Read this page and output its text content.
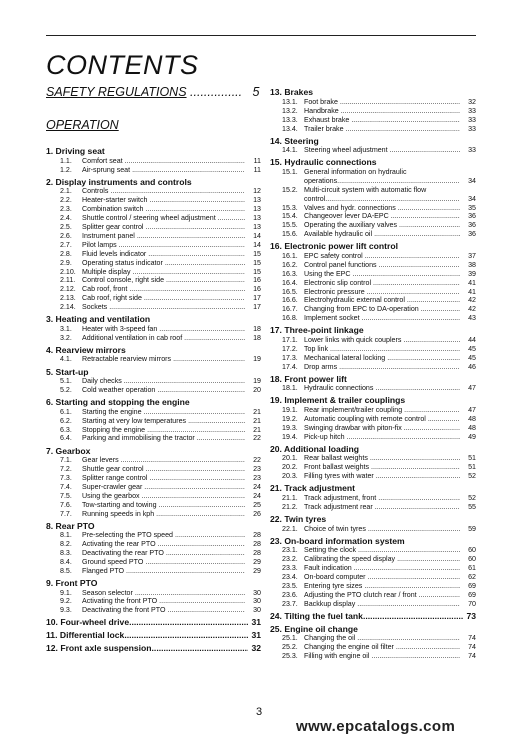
CONTENTS
SAFETY REGULATIONS ............... 5
OPERATION
1. Driving seat
1.1.	Comfort seat .....	11
1.2.	Air-sprung seat .....	11
2. Display instruments and controls
2.1.	Controls .....	12
2.2.	Heater-starter switch .....	13
2.3.	Combination switch .....	13
2.4.	Shuttle control / steering wheel adjustment .....	13
2.5.	Splitter gear control .....	13
2.6.	Instrument panel .....	14
2.7.	Pilot lamps .....	14
2.8.	Fluid levels indicator .....	15
2.9.	Operating status indicator .....	15
2.10. Multiple display .....	15
2.11. Control console, right side .....	16
2.12. Cab roof, front .....	16
2.13. Cab roof, right side .....	17
2.14. Sockets .....	17
3. Heating and ventilation
3.1.	Heater with 3-speed fan .....	18
3.2.	Additional ventilation in cab roof .....	18
4. Rearview mirrors
4.1.	Retractable rearview mirrors .....	19
5. Start-up
5.1.	Daily checks .....	19
5.2.	Cold weather operation .....	20
6. Starting and stopping the engine
6.1.	Starting the engine .....	21
6.2.	Starting at very low temperatures .....	21
6.3.	Stopping the engine .....	21
6.4.	Parking and immobilising the tractor .....	22
7. Gearbox
7.1.	Gear levers .....	22
7.2.	Shuttle gear control .....	23
7.3.	Splitter range control .....	23
7.4.	Super-crawler gear .....	24
7.5.	Using the gearbox .....	24
7.6.	Tow-starting and towing .....	25
7.7.	Running speeds in kph .....	26
8. Rear PTO
8.1.	Pre-selecting the PTO speed .....	28
8.2.	Activating the rear PTO .....	28
8.3.	Deactivating the rear PTO .....	28
8.4.	Ground speed PTO .....	29
8.5.	Flanged PTO .....	29
9. Front PTO
9.1.	Season selector .....	30
9.2.	Activating the front PTO .....	30
9.3.	Deactivating the front PTO .....	30
10. Four-wheel drive .....	31
11. Differential lock .....	31
12. Front axle suspension .....	32
13. Brakes
13.1. Foot brake .....	32
13.2. Handbrake .....	33
13.3. Exhaust brake .....	33
13.4. Trailer brake .....	33
14. Steering
14.1. Steering wheel adjustment .....	33
15. Hydraulic connections
15.1. General information on hydraulic
operations .....	34
15.2. Multi-circuit system with automatic flow
control .....	34
15.3. Valves and hydr. connections .....	35
15.4. Changeover lever DA-EPC .....	36
15.5. Operating the auxiliary valves .....	36
15.6. Available hydraulic oil .....	36
16. Electronic power lift control
16.1. EPC safety control .....	37
16.2. Control panel functions .....	38
16.3. Using the EPC .....	39
16.4. Electronic slip control .....	41
16.5. Electronic pressure .....	41
16.6. Electrohydraulic external control .....	42
16.7. Changing from EPC to DA-operation .....	42
16.8. Implement socket .....	43
17. Three-point linkage
17.1. Lower links with quick couplers .....	44
17.2. Top link .....	45
17.3. Mechanical lateral locking .....	45
17.4. Drop arms .....	46
18. Front power lift
18.1. Hydraulic connections .....	47
19. Implement & trailer couplings
19.1. Rear implement/trailer coupling .....	47
19.2. Automatic coupling with remote control .....	48
19.3. Swinging drawbar with piton-fix .....	48
19.4. Pick-up hitch .....	49
20. Additional loading
20.1. Rear ballast weights .....	51
20.2. Front ballast weights .....	51
20.3. Filling tyres with water .....	52
21. Track adjustment
21.1. Track adjustment, front .....	52
21.2. Track adjustment rear .....	55
22. Twin tyres
22.1. Choice of twin tyres .....	59
23. On-board information system
23.1. Setting the clock .....	60
23.2. Calibrating the speed display .....	60
23.3. Fault indication .....	61
23.4. On-board computer .....	62
23.5. Entering tyre sizes .....	69
23.6. Adjusting the PTO clutch rear / front .....	69
23.7. Backkup display .....	70
24. Tilting the fuel tank .....	73
25. Engine oil change
25.1. Changing the oil .....	74
25.2. Changing the engine oil filter .....	74
25.3. Filling with engine oil .....	74
3
www.epcatalogs.com
